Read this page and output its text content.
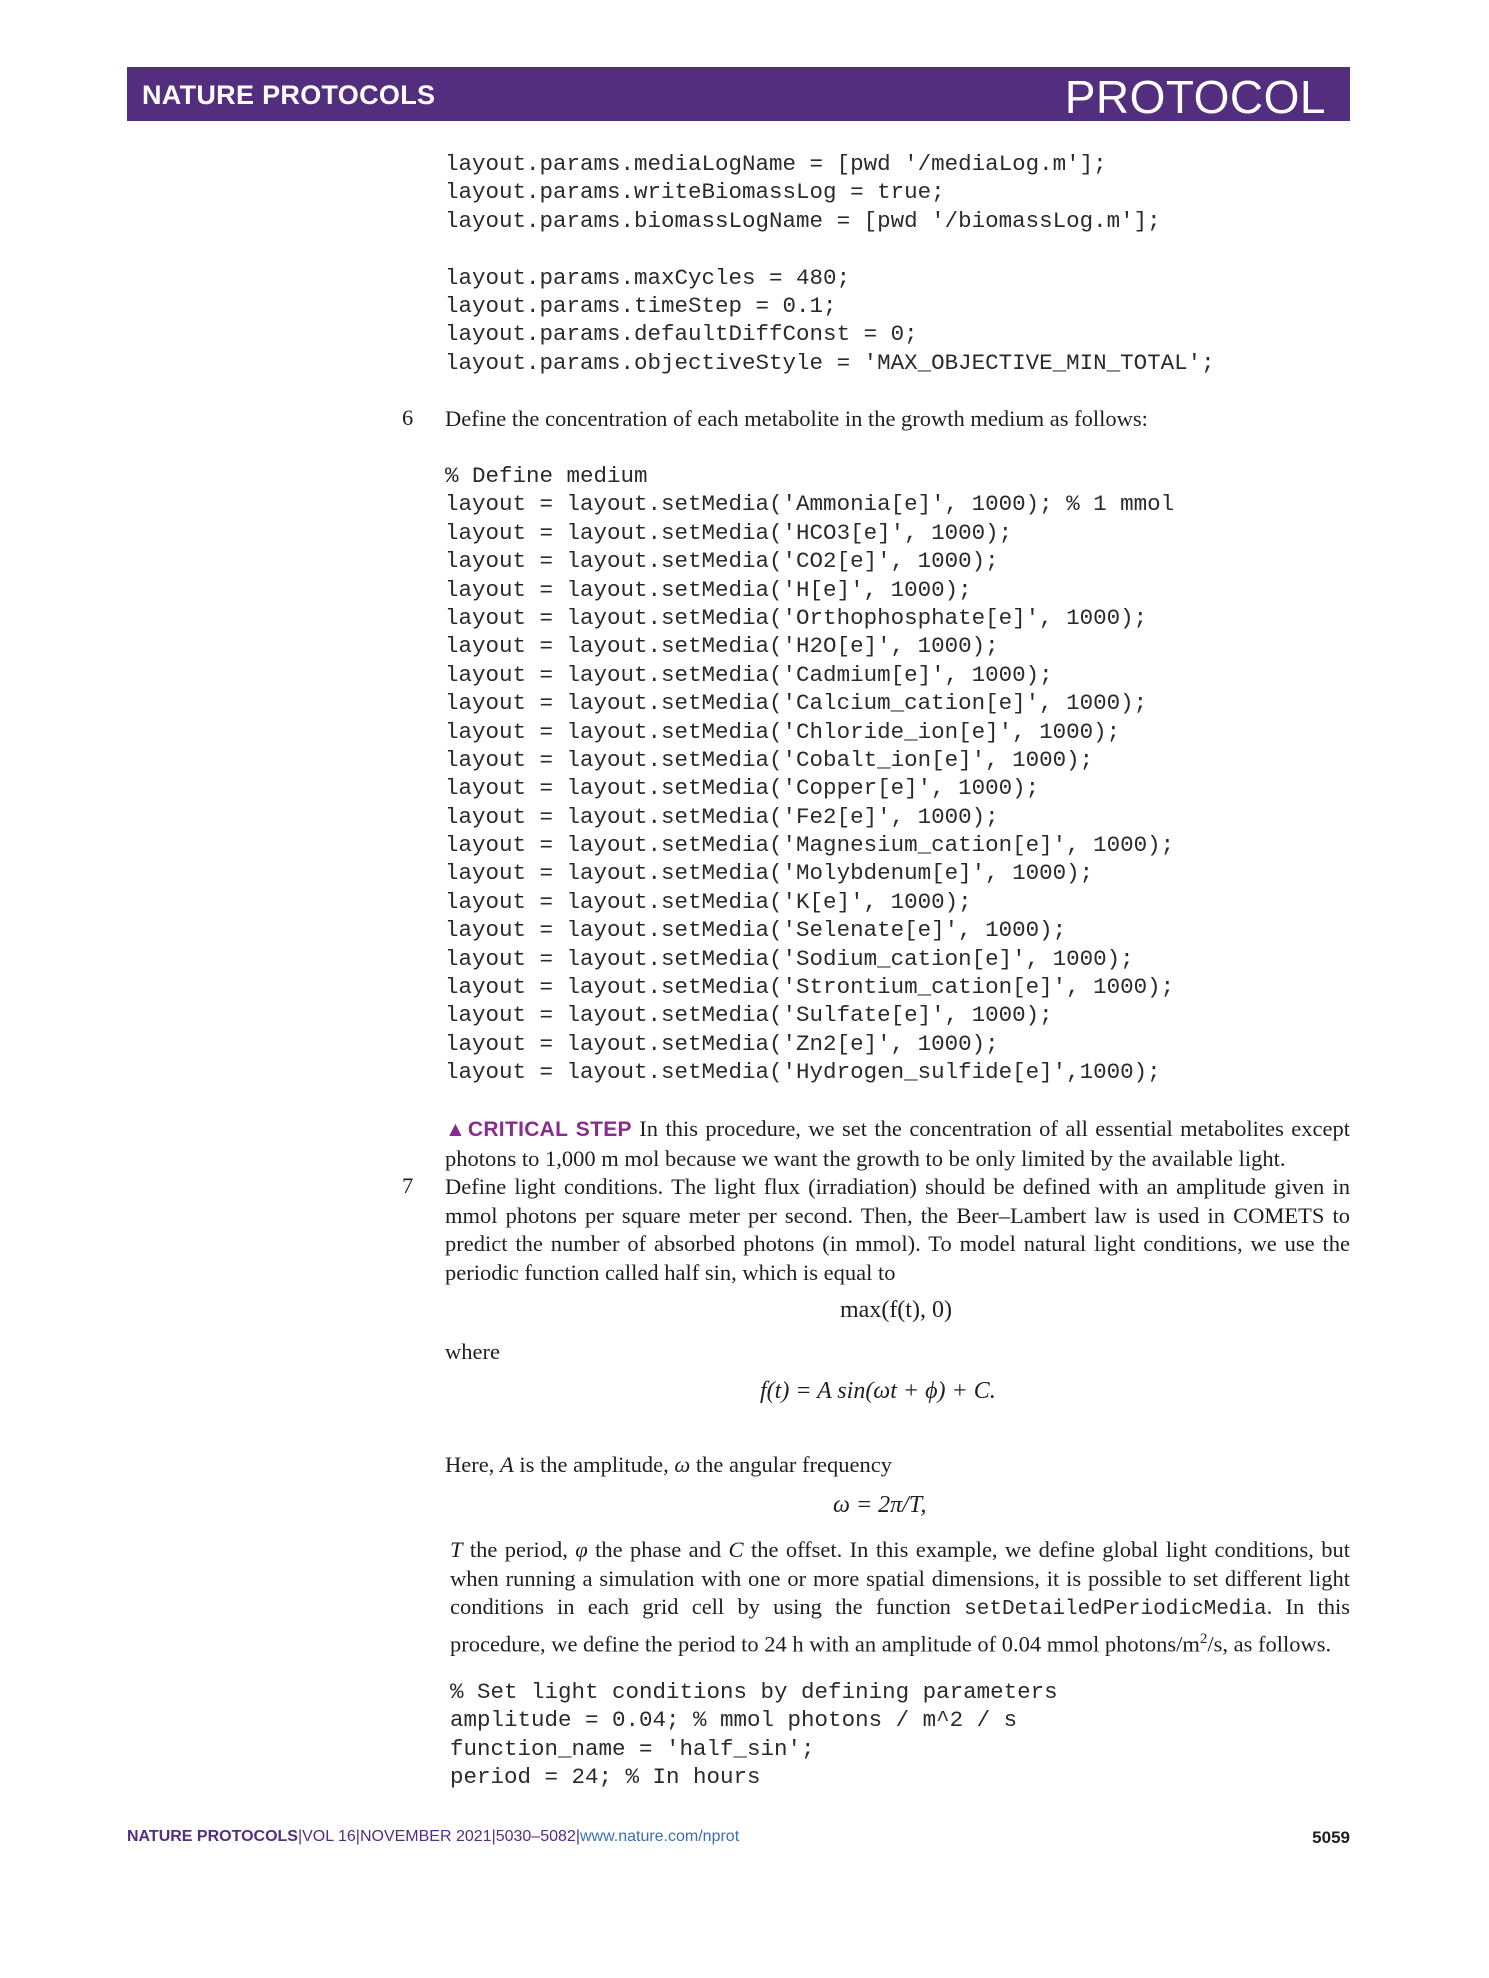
NATURE PROTOCOLS	PROTOCOL
layout.params.mediaLogName = [pwd '/mediaLog.m'];
layout.params.writeBiomassLog = true;
layout.params.biomassLogName = [pwd '/biomassLog.m'];
layout.params.maxCycles = 480;
layout.params.timeStep = 0.1;
layout.params.defaultDiffConst = 0;
layout.params.objectiveStyle = 'MAX_OBJECTIVE_MIN_TOTAL';
6 Define the concentration of each metabolite in the growth medium as follows:
% Define medium
layout = layout.setMedia('Ammonia[e]', 1000); % 1 mmol
layout = layout.setMedia('HCO3[e]', 1000);
layout = layout.setMedia('CO2[e]', 1000);
layout = layout.setMedia('H[e]', 1000);
layout = layout.setMedia('Orthophosphate[e]', 1000);
layout = layout.setMedia('H2O[e]', 1000);
layout = layout.setMedia('Cadmium[e]', 1000);
layout = layout.setMedia('Calcium_cation[e]', 1000);
layout = layout.setMedia('Chloride_ion[e]', 1000);
layout = layout.setMedia('Cobalt_ion[e]', 1000);
layout = layout.setMedia('Copper[e]', 1000);
layout = layout.setMedia('Fe2[e]', 1000);
layout = layout.setMedia('Magnesium_cation[e]', 1000);
layout = layout.setMedia('Molybdenum[e]', 1000);
layout = layout.setMedia('K[e]', 1000);
layout = layout.setMedia('Selenate[e]', 1000);
layout = layout.setMedia('Sodium_cation[e]', 1000);
layout = layout.setMedia('Strontium_cation[e]', 1000);
layout = layout.setMedia('Sulfate[e]', 1000);
layout = layout.setMedia('Zn2[e]', 1000);
layout = layout.setMedia('Hydrogen_sulfide[e]',1000);
▲CRITICAL STEP In this procedure, we set the concentration of all essential metabolites except photons to 1,000 m mol because we want the growth to be only limited by the available light.
7 Define light conditions. The light flux (irradiation) should be defined with an amplitude given in mmol photons per square meter per second. Then, the Beer–Lambert law is used in COMETS to predict the number of absorbed photons (in mmol). To model natural light conditions, we use the periodic function called half sin, which is equal to
max(f(t), 0)
where
f(t) = A sin(ωt + ϕ) + C.
Here, A is the amplitude, ω the angular frequency
ω = 2π/T,
T the period, φ the phase and C the offset. In this example, we define global light conditions, but when running a simulation with one or more spatial dimensions, it is possible to set different light conditions in each grid cell by using the function setDetailedPeriodicMedia. In this procedure, we define the period to 24 h with an amplitude of 0.04 mmol photons/$m^2/s$, as follows.
% Set light conditions by defining parameters
amplitude = 0.04; % mmol photons / m^2 / s
function_name = 'half_sin';
period = 24; % In hours
NATURE PROTOCOLS|VOL 16|NOVEMBER 2021|5030–5082|www.nature.com/nprot	5059
